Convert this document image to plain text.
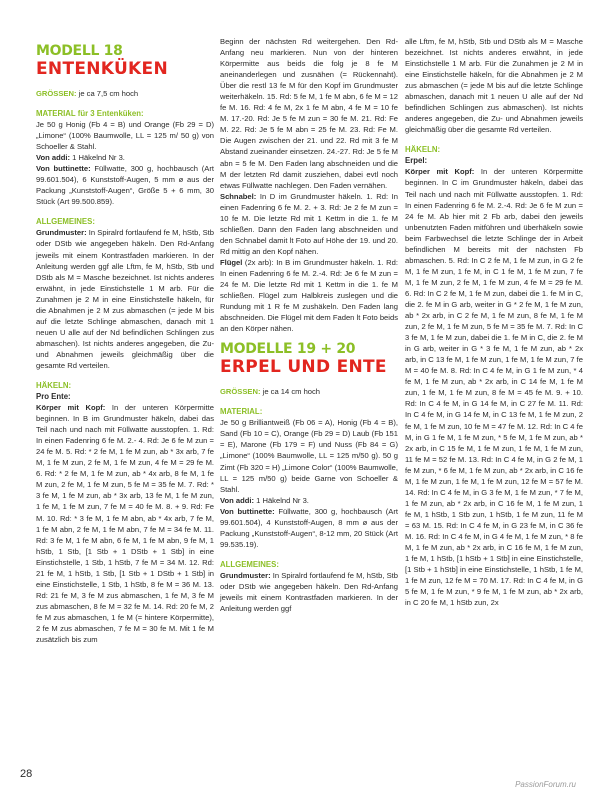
MODELL 18
ENTENKÜKEN

GRÖSSEN: je ca 7,5 cm hoch

MATERIAL für 3 Entenküken:

Je 50 g Honig (Fb 4 = B) und Orange (Fb 29 = D) „Limone“ (100% Baumwolle, LL = 125 m/ 50 g) von Schoeller & Stahl.

Von addi: 1 Häkelnd Nr 3.

Von buttinette: Füllwatte, 300 g, hochbausch (Art 99.601.504), 6 Kunststoff-Augen, 5 mm ø aus der Packung „Kunststoff-Augen“, Größe 5 + 6 mm, 30 Stück (Art 99.500.859).

ALLGEMEINES:

Grundmuster: In Spiralrd fortlaufend fe M, hStb, Stb oder DStb wie angegeben häkeln. Den Rd-Anfang jeweils mit einem Kontrastfaden markieren. In der Anleitung werden ggf alle Lftm, fe M, hStb, Stb und DStb als M = Masche bezeichnet. Ist nichts anderes erwähnt, in jede Einstichstelle 1 M arb. Für die Zunahmen je 2 M in eine Einstichstelle häkeln, für die Abnahmen je 2 M zus abmaschen (= jede M bis auf die letzte Schlinge abmaschen, danach mit 1 neuen U alle auf der Nd befindlichen Schlingen zus abmaschen). Ist nichts anderes angegeben, die Zu- und Abnahmen jeweils gleichmäßig über die gesamte Rd verteilen.

HÄKELN:
Pro Ente:

Körper mit Kopf: In der unteren Körpermitte beginnen. In B im Grundmuster häkeln, dabei das Teil nach und nach mit Füllwatte ausstopfen. 1. Rd: In einen Fadenring 6 fe M. 2.- 4. Rd: Je 6 fe M zun = 24 fe M. 5. Rd: * 2 fe M, 1 fe M zun, ab * 3x arb, 7 fe M, 1 fe M zun, 2 fe M, 1 fe M zun, 4 fe M = 29 fe M. 6. Rd: * 2 fe M, 1 fe M zun, ab * 4x arb, 8 fe M, 1 fe M zun, 2 fe M, 1 fe M zun, 5 fe M = 35 fe M. 7. Rd: * 3 fe M, 1 fe M zun, ab * 3x arb, 13 fe M, 1 fe M zun, 1 fe M, 1 fe M zun, 7 fe M = 40 fe M. 8. + 9. Rd: Fe M. 10. Rd: * 3 fe M, 1 fe M abn, ab * 4x arb, 7 fe M, 1 fe M abn, 2 fe M, 1 fe M abn, 7 fe M = 34 fe M. 11. Rd: 3 fe M, 1 fe M abn, 6 fe M, 1 fe M abn, 9 fe M, 1 hStb, 1 Stb, [1 Stb + 1 DStb + 1 Stb] in eine Einstichstelle, 1 Stb, 1 hStb, 7 fe M = 34 M. 12. Rd: 21 fe M, 1 hStb, 1 Stb, [1 Stb + 1 DStb + 1 Stb] in eine Einstichstelle, 1 Stb, 1 hStb, 8 fe M = 36 M. 13. Rd: 21 fe M, 3 fe M zus abmaschen, 1 fe M, 3 fe M zus abmaschen, 8 fe M = 32 fe M. 14. Rd: 20 fe M, 2 fe M zus abmaschen, 1 fe M (= hintere Körpermitte), 2 fe M zus abmaschen, 7 fe M = 30 fe M. Mit 1 fe M zusätzlich bis zum

Beginn der nächsten Rd weitergehen. Den Rd-Anfang neu markieren. Nun von der hinteren Körpermitte aus beids die folg je 8 fe M aneinanderlegen und zusnähen (= Rückennaht). Über die restl 13 fe M für den Kopf im Grundmuster weiterhäkeln. 15. Rd: 5 fe M, 1 fe M abn, 6 fe M = 12 fe M. 16. Rd: 4 fe M, 2x 1 fe M abn, 4 fe M = 10 fe M. 17.-20. Rd: Je 5 fe M zun = 30 fe M. 21. Rd: Fe M. 22. Rd: Je 5 fe M abn = 25 fe M. 23. Rd: Fe M. Die Augen zwischen der 21. und 22. Rd mit 3 fe M Abstand zueinander einsetzen. 24.-27. Rd: Je 5 fe M abn = 5 fe M. Den Faden lang abschneiden und die M der letzten Rd damit zusziehen, dabei evtl noch etwas Füllwatte nachlegen. Den Faden vernähen.

Schnabel: In D im Grundmuster häkeln. 1. Rd: In einen Fadenring 6 fe M. 2. + 3. Rd: Je 2 fe M zun = 10 fe M. Die letzte Rd mit 1 Kettm in die 1. fe M schließen. Dann den Faden lang abschneiden und den Schnabel damit lt Foto auf Höhe der 19. und 20. Rd mittig an den Kopf nähen.

Flügel (2x arb): In B im Grundmuster häkeln. 1. Rd: In einen Fadenring 6 fe M. 2.-4. Rd: Je 6 fe M zun = 24 fe M. Die letzte Rd mit 1 Kettm in die 1. fe M schließen. Flügel zum Halbkreis zuslegen und die Rundung mit 1 R fe M zushäkeln. Den Faden lang abschneiden. Die Flügel mit dem Faden lt Foto beids an den Körper nähen.

MODELLE 19 + 20
ERPEL UND ENTE

GRÖSSEN: je ca 14 cm hoch

MATERIAL:

Je 50 g Brilliantweiß (Fb 06 = A), Honig (Fb 4 = B), Sand (Fb 10 = C), Orange (Fb 29 = D) Laub (Fb 151 = E), Marone (Fb 179 = F) und Nuss (Fb 84 = G) „Limone“ (100% Baumwolle, LL = 125 m/50 g). 50 g Zimt (Fb 320 = H) „Limone Color“ (100% Baumwolle, LL = 125 m/50 g) beide Garne von Schoeller & Stahl.

Von addi: 1 Häkelnd Nr 3.

Von buttinette: Füllwatte, 300 g, hochbausch (Art 99.601.504), 4 Kunststoff-Augen, 8 mm ø aus der Packung „Kunststoff-Augen“, 8-12 mm, 20 Stück (Art 99.535.19).

ALLGEMEINES:

Grundmuster: In Spiralrd fortlaufend fe M, hStb, Stb oder DStb wie angegeben häkeln. Den Rd-Anfang jeweils mit einem Kontrastfaden markieren. In der Anleitung werden ggf

alle Lftm, fe M, hStb, Stb und DStb als M = Masche bezeichnet. Ist nichts anderes erwähnt, in jede Einstichstelle 1 M arb. Für die Zunahmen je 2 M in eine Einstichstelle häkeln, für die Abnahmen je 2 M zus abmaschen (= jede M bis auf die letzte Schlinge abmaschen, danach mit 1 neuen U alle auf der Nd befindlichen Schlingen zus abmaschen). Ist nichts anderes angegeben, die Zu- und Abnahmen jeweils gleichmäßig über die gesamte Rd verteilen.

HÄKELN:
Erpel:

Körper mit Kopf: In der unteren Körpermitte beginnen. In C im Grundmuster häkeln, dabei das Teil nach und nach mit Füllwatte ausstopfen. 1. Rd: In einen Fadenring 6 fe M. 2.-4. Rd: Je 6 fe M zun = 24 fe M. Ab hier mit 2 Fb arb, dabei den jeweils unbenutzten Faden mitführen und überhäkeln sowie beim Farbwechsel die letzte Schlinge der in Arbeit befindlichen M bereits mit der nächsten Fb abmaschen. 5. Rd: In C 2 fe M, 1 fe M zun, in G 2 fe M, 1 fe M zun, 1 fe M, in C 1 fe M, 1 fe M zun, 7 fe M, 1 fe M zun, 2 fe M, 1 fe M zun, 4 fe M = 29 fe M. 6. Rd: In C 2 fe M, 1 fe M zun, dabei die 1. fe M in C, die 2. fe M in G arb, weiter in G * 2 fe M, 1 fe M zun, ab * 2x arb, in C 2 fe M, 1 fe M zun, 8 fe M, 1 fe M zun, 2 fe M, 1 fe M zun, 5 fe M = 35 fe M. 7. Rd: In C 3 fe M, 1 fe M zun, dabei die 1. fe M in C, die 2. fe M in G arb, weiter in G * 3 fe M, 1 fe M zun, ab * 2x arb, in C 13 fe M, 1 fe M zun, 1 fe M, 1 fe M zun, 7 fe M = 40 fe M. 8. Rd: In C 4 fe M, in G 1 fe M zun, * 4 fe M, 1 fe M zun, ab * 2x arb, in C 14 fe M, 1 fe M zun, 1 fe M, 1 fe M zun, 8 fe M = 45 fe M. 9. + 10. Rd: In C 4 fe M, in G 14 fe M, in C 27 fe M. 11. Rd: In C 4 fe M, in G 14 fe M, in C 13 fe M, 1 fe M zun, 2 fe M, 1 fe M zun, 10 fe M = 47 fe M. 12. Rd: In C 4 fe M, in G 1 fe M, 1 fe M zun, * 5 fe M, 1 fe M zun, ab * 2x arb, in C 15 fe M, 1 fe M zun, 1 fe M, 1 fe M zun, 11 fe M = 52 fe M. 13. Rd: In C 4 fe M, in G 2 fe M, 1 fe M zun, * 6 fe M, 1 fe M zun, ab * 2x arb, in C 16 fe M, 1 fe M zun, 1 fe M, 1 fe M zun, 12 fe M = 57 fe M. 14. Rd: In C 4 fe M, in G 3 fe M, 1 fe M zun, * 7 fe M, 1 fe M zun, ab * 2x arb, in C 16 fe M, 1 fe M zun, 1 fe M, 1 hStb, 1 Stb zun, 1 hStb, 1 fe M zun, 11 fe M = 63 M. 15. Rd: In C 4 fe M, in G 23 fe M, in C 36 fe M. 16. Rd: In C 4 fe M, in G 4 fe M, 1 fe M zun, * 8 fe M, 1 fe M zun, ab * 2x arb, in C 16 fe M, 1 fe M zun, 1 fe M, 1 hStb, [1 hStb + 1 Stb] in eine Einstichstelle, [1 Stb + 1 hStb] in eine Einstichstelle, 1 hStb, 1 fe M, 1 fe M zun, 12 fe M = 70 M. 17. Rd: In C 4 fe M, in G 5 fe M, 1 fe M zun, * 9 fe M, 1 fe M zun, ab * 2x arb, in C 20 fe M, 1 hStb zun, 2x

28
PassionForum.ru
